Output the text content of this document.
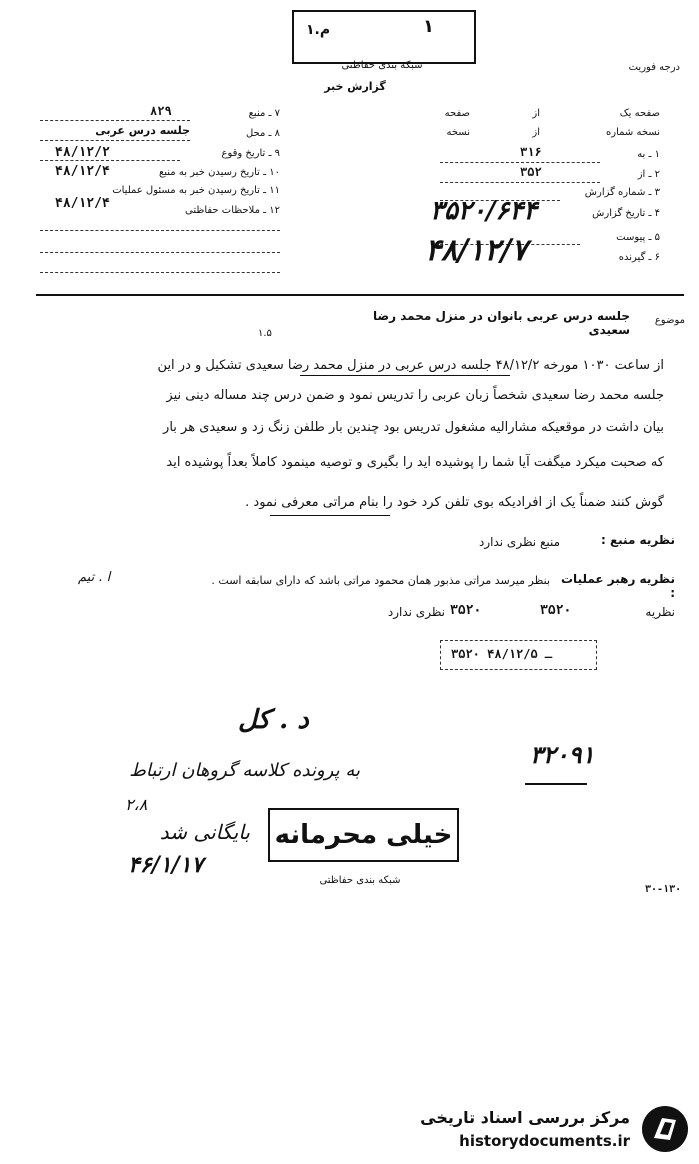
۱
۱.م
شبکه بندی حفاظتی
گزارش خبر
درجه فوریت
صفحه یک
از
صفحه
نسخه شماره
از
نسخه
۱ ـ به
۳۱۶
۲ ـ از
۳۵۲
۳ ـ شماره گزارش
۴ ـ تاریخ گزارش
۳۵۲۰/۶۴۴
۵ ـ پیوست
۶ ـ گیرنده
۴۸/۱۲/۷
۷ ـ منبع
۸۲۹
۸ ـ محل
جلسه درس عربی
۹ ـ تاریخ وقوع
۴۸/۱۲/۲
۱۰ ـ تاریخ رسیدن خبر به منبع
۴۸/۱۲/۴
۱۱ ـ تاریخ رسیدن خبر به مسئول عملیات
۴۸/۱۲/۴	۱۲ ـ ملاحظات حفاظتی
موضوع
جلسه درس عربی بانوان در منزل محمد رضا سعیدی
۱.۵
از ساعت ۱۰۳۰ مورخه ۴۸/۱۲/۲ جلسه درس عربی در منزل محمد رضا سعیدی تشکیل و در این
جلسه محمد رضا سعیدی شخصاً زبان عربی را تدریس نمود و ضمن درس چند مساله دینی نیز
بیان داشت در موقعیکه مشارالیه مشغول تدریس بود چندین بار طلفن زنگ زد و سعیدی هر بار
که صحبت میکرد میگفت آیا شما را پوشیده اید را بگیری و توصیه مینمود کاملاً بعداً پوشیده اید
گوش کنند ضمناً یک از افرادیکه بوی تلفن کرد خود را بنام مراتی معرفی نمود .
نظریه منبع :
منبع نظری ندارد
نظریه رهبر عملیات :
بنظر میرسد مراتی مذبور همان محمود مراتی باشد که دارای سابقه است .
ا . تیم
نظریه
۳۵۲۰
۳۵۲۰
نظری ندارد
۳۵۲۰ ـ ۴۸/۱۲/۵
د . کل
به پرونده کلاسه گروهان ارتباط
۲،۸
بایگانی شد
۴۶/۱/۱۷
۳۲۰۹۱
خیلی محرمانه
شبکه بندی حفاظتی
۳۰-۱۳۰
مرکز بررسی اسناد تاریخی
historydocuments.ir
